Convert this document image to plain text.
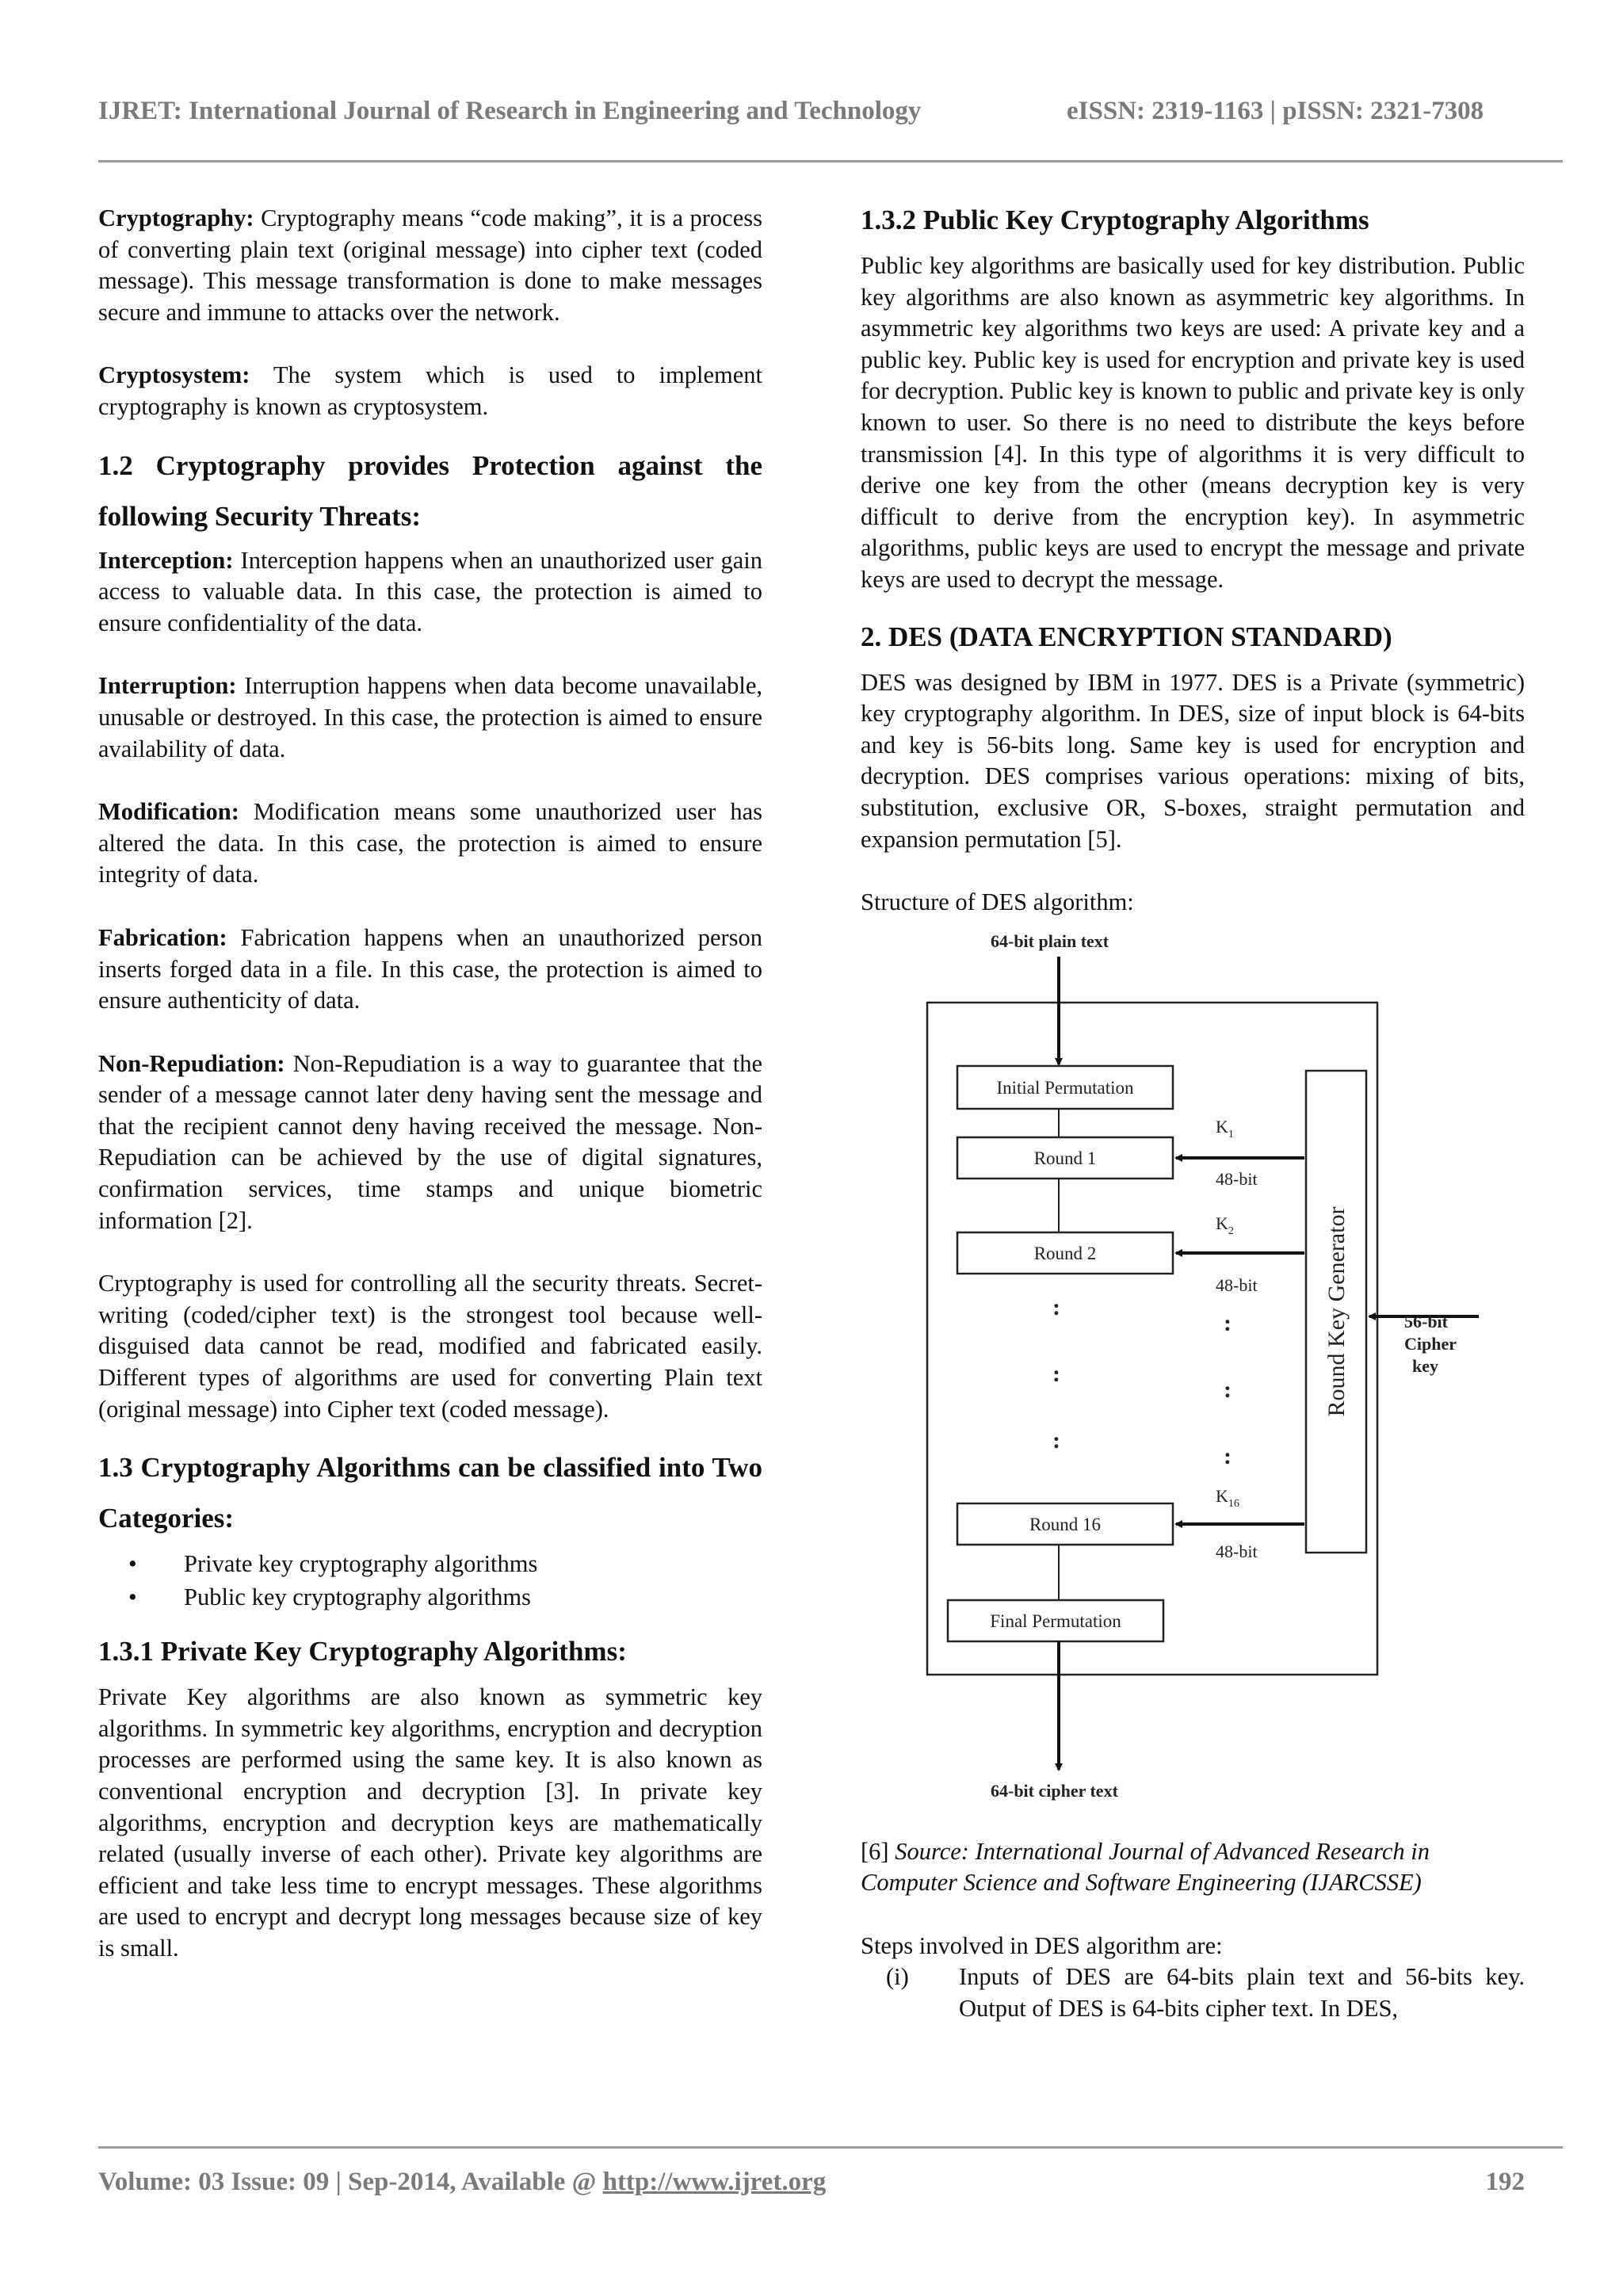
IJRET: International Journal of Research in Engineering and Technology	eISSN: 2319-1163 | pISSN: 2321-7308

Cryptography: Cryptography means “code making”, it is a process of converting plain text (original message) into cipher text (coded message). This message transformation is done to make messages secure and immune to attacks over the network.

Cryptosystem: The system which is used to implement cryptography is known as cryptosystem.

1.2 Cryptography provides Protection against the following Security Threats:

Interception: Interception happens when an unauthorized user gain access to valuable data. In this case, the protection is aimed to ensure confidentiality of the data.

Interruption: Interruption happens when data become unavailable, unusable or destroyed. In this case, the protection is aimed to ensure availability of data.

Modification: Modification means some unauthorized user has altered the data. In this case, the protection is aimed to ensure integrity of data.

Fabrication: Fabrication happens when an unauthorized person inserts forged data in a file. In this case, the protection is aimed to ensure authenticity of data.

Non-Repudiation: Non-Repudiation is a way to guarantee that the sender of a message cannot later deny having sent the message and that the recipient cannot deny having received the message. Non-Repudiation can be achieved by the use of digital signatures, confirmation services, time stamps and unique biometric information [2].

Cryptography is used for controlling all the security threats. Secret-writing (coded/cipher text) is the strongest tool because well-disguised data cannot be read, modified and fabricated easily. Different types of algorithms are used for converting Plain text (original message) into Cipher text (coded message).

1.3 Cryptography Algorithms can be classified into Two Categories:

• Private key cryptography algorithms
• Public key cryptography algorithms

1.3.1 Private Key Cryptography Algorithms:

Private Key algorithms are also known as symmetric key algorithms. In symmetric key algorithms, encryption and decryption processes are performed using the same key. It is also known as conventional encryption and decryption [3]. In private key algorithms, encryption and decryption keys are mathematically related (usually inverse of each other). Private key algorithms are efficient and take less time to encrypt messages. These algorithms are used to encrypt and decrypt long messages because size of key is small.

1.3.2 Public Key Cryptography Algorithms

Public key algorithms are basically used for key distribution. Public key algorithms are also known as asymmetric key algorithms. In asymmetric key algorithms two keys are used: A private key and a public key. Public key is used for encryption and private key is used for decryption. Public key is known to public and private key is only known to user. So there is no need to distribute the keys before transmission [4]. In this type of algorithms it is very difficult to derive one key from the other (means decryption key is very difficult to derive from the encryption key). In asymmetric algorithms, public keys are used to encrypt the message and private keys are used to decrypt the message.

2. DES (DATA ENCRYPTION STANDARD)

DES was designed by IBM in 1977. DES is a Private (symmetric) key cryptography algorithm. In DES, size of input block is 64-bits and key is 56-bits long. Same key is used for encryption and decryption. DES comprises various operations: mixing of bits, substitution, exclusive OR, S-boxes, straight permutation and expansion permutation [5].

Structure of DES algorithm:

64-bit plain text
64-bit cipher text
Initial Permutation
Round 1
Round 2
Round 16
Final Permutation
$K_1$
48-bit
$K_2$
48-bit
$K_{16}$
48-bit
:
:
:
:
:
:
Round Key Generator	56-bit
Cipher
key

[6] Source: International Journal of Advanced Research in Computer Science and Software Engineering (IJARCSSE)

Steps involved in DES algorithm are:

(i) Inputs of DES are 64-bits plain text and 56-bits key. Output of DES is 64-bits cipher text. In DES,
Volume: 03 Issue: 09 | Sep-2014, Available @ http://www.ijret.org	192
